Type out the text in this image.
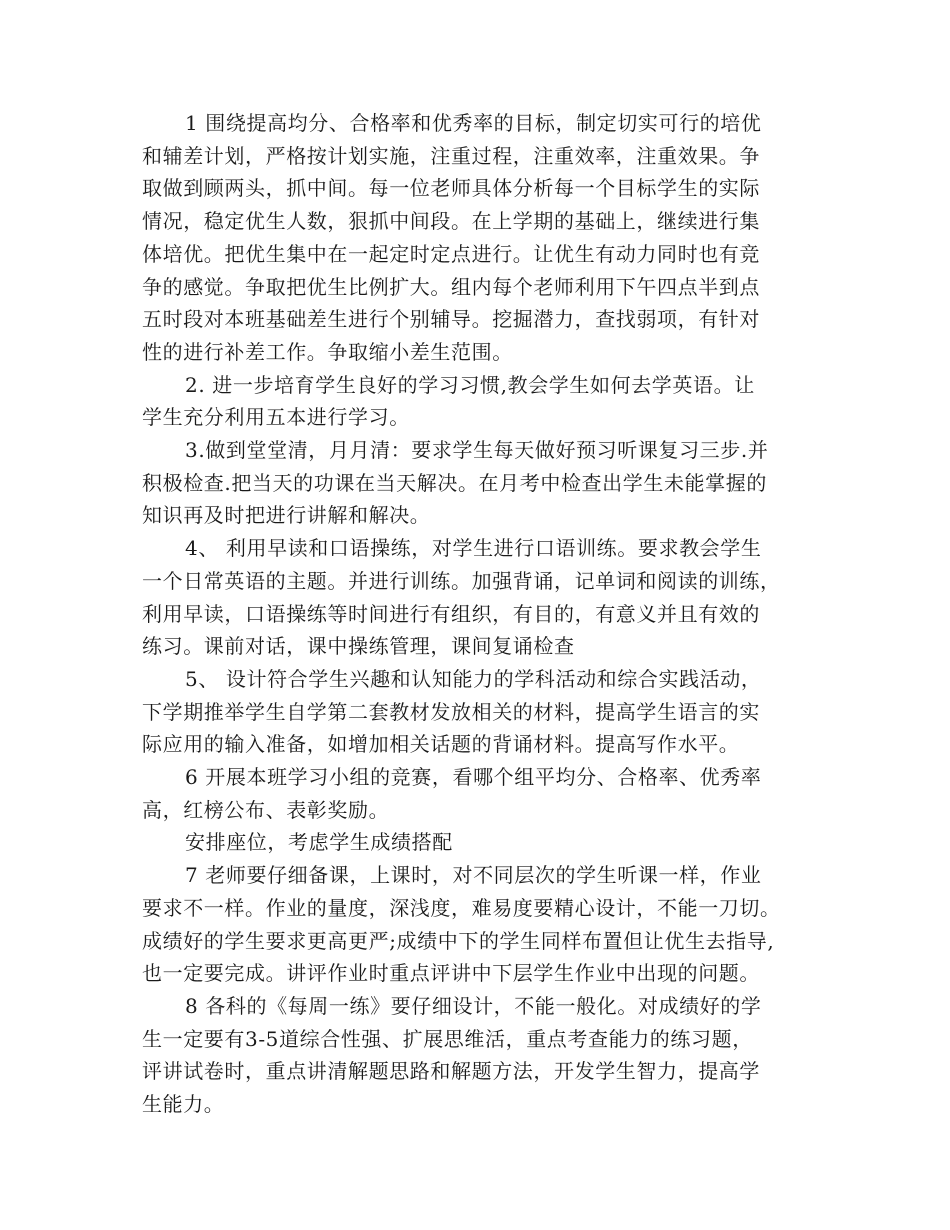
1 围绕提高均分、合格率和优秀率的目标，制定切实可行的培优
和辅差计划，严格按计划实施，注重过程，注重效率，注重效果。争
取做到顾两头，抓中间。每一位老师具体分析每一个目标学生的实际
情况，稳定优生人数，狠抓中间段。在上学期的基础上，继续进行集
体培优。把优生集中在一起定时定点进行。让优生有动力同时也有竞
争的感觉。争取把优生比例扩大。组内每个老师利用下午四点半到点
五时段对本班基础差生进行个别辅导。挖掘潜力，查找弱项，有针对
性的进行补差工作。争取缩小差生范围。
2. 进一步培育学生良好的学习习惯,教会学生如何去学英语。让
学生充分利用五本进行学习。
3.做到堂堂清，月月清：要求学生每天做好预习听课复习三步.并
积极检查.把当天的功课在当天解决。在月考中检查出学生未能掌握的
知识再及时把进行讲解和解决。
4、 利用早读和口语操练，对学生进行口语训练。要求教会学生
一个日常英语的主题。并进行训练。加强背诵，记单词和阅读的训练，
利用早读，口语操练等时间进行有组织，有目的，有意义并且有效的
练习。课前对话，课中操练管理，课间复诵检查
5、 设计符合学生兴趣和认知能力的学科活动和综合实践活动，
下学期推举学生自学第二套教材发放相关的材料，提高学生语言的实
际应用的输入准备，如增加相关话题的背诵材料。提高写作水平。
6 开展本班学习小组的竞赛，看哪个组平均分、合格率、优秀率
高，红榜公布、表彰奖励。
安排座位，考虑学生成绩搭配
7 老师要仔细备课，上课时，对不同层次的学生听课一样，作业
要求不一样。作业的量度，深浅度，难易度要精心设计，不能一刀切。
成绩好的学生要求更高更严;成绩中下的学生同样布置但让优生去指导,
也一定要完成。讲评作业时重点评讲中下层学生作业中出现的问题。
8 各科的《每周一练》要仔细设计，不能一般化。对成绩好的学
生一定要有3-5道综合性强、扩展思维活，重点考查能力的练习题，
评讲试卷时，重点讲清解题思路和解题方法，开发学生智力，提高学
生能力。
